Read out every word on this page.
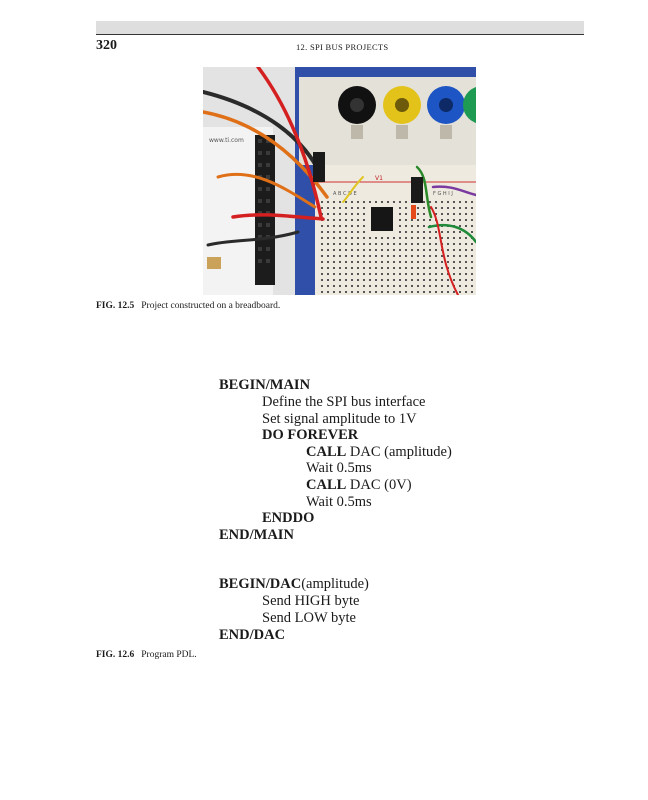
320	12. SPI BUS PROJECTS
www.ti.com
V1
A B C D E	F G H I J
FIG. 12.5 Project constructed on a breadboard.
BEGIN/MAIN
Define the SPI bus interface
Set signal amplitude to 1V
DO FOREVER
CALL DAC (amplitude)
Wait 0.5ms
CALL DAC (0V)
Wait 0.5ms
ENDDO
END/MAIN
BEGIN/DAC(amplitude)
Send HIGH byte
Send LOW byte
END/DAC
FIG. 12.6 Program PDL.
